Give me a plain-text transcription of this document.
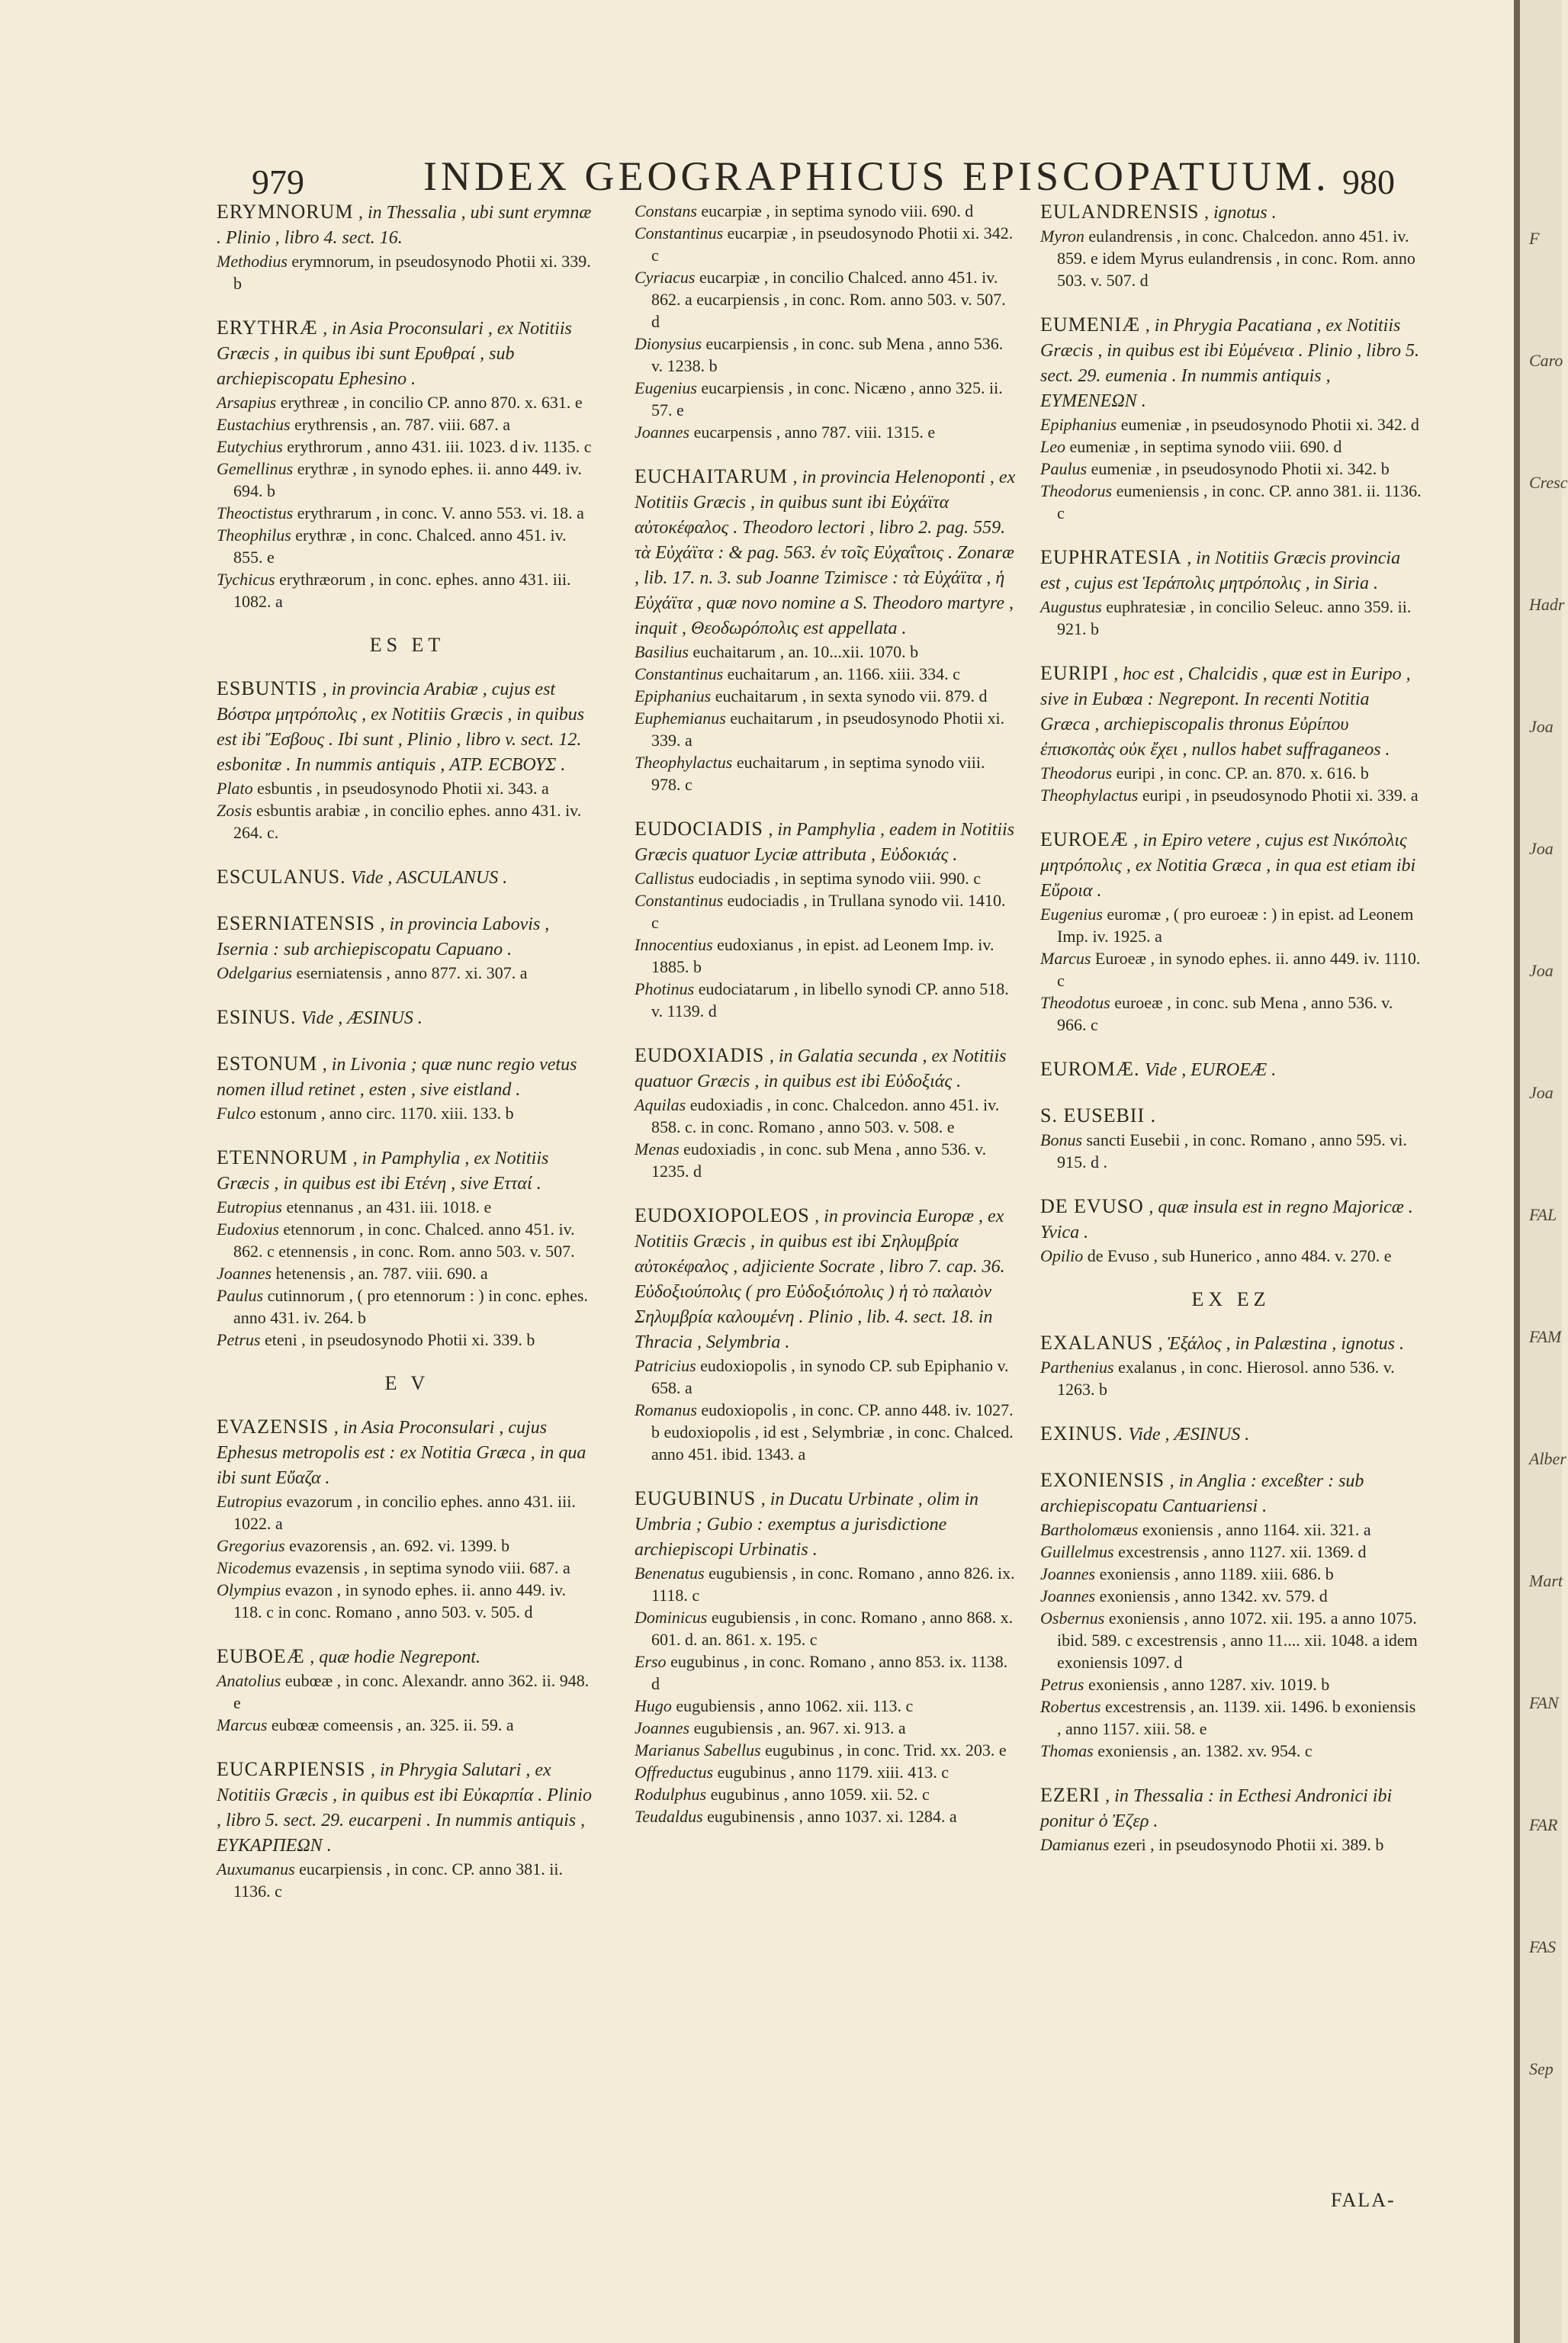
979	INDEX GEOGRAPHICUS EPISCOPATUUM. 980
ERYMNORUM , in Thessalia , ubi sunt erymnæ . Plinio , libro 4. sect. 16.

Methodius erymnorum, in pseudosynodo Photii xi. 339. b

ERYTHRÆ , in Asia Proconsulari , ex Notitiis Græcis , in quibus ibi sunt Ερυθραί , sub archiepiscopatu Ephesino .

Arsapius erythreæ , in concilio CP. anno 870. x. 631. e

Eustachius erythrensis , an. 787. viii. 687. a

Eutychius erythrorum , anno 431. iii. 1023. d iv. 1135. c

Gemellinus erythræ , in synodo ephes. ii. anno 449. iv. 694. b

Theoctistus erythrarum , in conc. V. anno 553. vi. 18. a

Theophilus erythræ , in conc. Chalced. anno 451. iv. 855. e

Tychicus erythræorum , in conc. ephes. anno 431. iii. 1082. a

ES ET
ESBUNTIS , in provincia Arabiæ , cujus est Βόστρα μητρόπολις , ex Notitiis Græcis , in quibus est ibi Ἔσβους . Ibi sunt , Plinio , libro v. sect. 12. esbonitæ . In nummis antiquis , ΑΤΡ. ΕСΒΟΥΣ .

Plato esbuntis , in pseudosynodo Photii xi. 343. a

Zosis esbuntis arabiæ , in concilio ephes. anno 431. iv. 264. c.

ESCULANUS. Vide , ASCULANUS .
ESERNIATENSIS , in provincia Labovis , Isernia : sub archiepiscopatu Capuano .

Odelgarius eserniatensis , anno 877. xi. 307. a

ESINUS. Vide , ÆSINUS .
ESTONUM , in Livonia ; quæ nunc regio vetus nomen illud retinet , esten , sive eistland .

Fulco estonum , anno circ. 1170. xiii. 133. b

ETENNORUM , in Pamphylia , ex Notitiis Græcis , in quibus est ibi Ετένη , sive Ετταί .

Eutropius etennanus , an 431. iii. 1018. e

Eudoxius etennorum , in conc. Chalced. anno 451. iv. 862. c etennensis , in conc. Rom. anno 503. v. 507.

Joannes hetenensis , an. 787. viii. 690. a

Paulus cutinnorum , ( pro etennorum : ) in conc. ephes. anno 431. iv. 264. b

Petrus eteni , in pseudosynodo Photii xi. 339. b

E V
EVAZENSIS , in Asia Proconsulari , cujus Ephesus metropolis est : ex Notitia Græca , in qua ibi sunt Εὔαζα .

Eutropius evazorum , in concilio ephes. anno 431. iii. 1022. a

Gregorius evazorensis , an. 692. vi. 1399. b

Nicodemus evazensis , in septima synodo viii. 687. a

Olympius evazon , in synodo ephes. ii. anno 449. iv. 118. c in conc. Romano , anno 503. v. 505. d

EUBOEÆ , quæ hodie Negrepont.

Anatolius eubœæ , in conc. Alexandr. anno 362. ii. 948. e

Marcus eubœæ comeensis , an. 325. ii. 59. a

EUCARPIENSIS , in Phrygia Salutari , ex Notitiis Græcis , in quibus est ibi Εὐκαρπία . Plinio , libro 5. sect. 29. eucarpeni . In nummis antiquis , ΕΥΚΑΡΠΕΩΝ .

Auxumanus eucarpiensis , in conc. CP. anno 381. ii. 1136. c

Constans eucarpiæ , in septima synodo viii. 690. d

Constantinus eucarpiæ , in pseudosynodo Photii xi. 342. c

Cyriacus eucarpiæ , in concilio Chalced. anno 451. iv. 862. a eucarpiensis , in conc. Rom. anno 503. v. 507. d

Dionysius eucarpiensis , in conc. sub Mena , anno 536. v. 1238. b

Eugenius eucarpiensis , in conc. Nicæno , anno 325. ii. 57. e

Joannes eucarpensis , anno 787. viii. 1315. e

EUCHAITARUM , in provincia Helenoponti , ex Notitiis Græcis , in quibus sunt ibi Εὐχάϊτα αὐτοκέφαλος . Theodoro lectori , libro 2. pag. 559. τὰ Εὐχάϊτα : & pag. 563. ἐν τοῖς Εὐχαΐτοις . Zonaræ , lib. 17. n. 3. sub Joanne Tzimisce : τὰ Εὐχάϊτα , ἡ Εὐχάϊτα , quæ novo nomine a S. Theodoro martyre , inquit , Θεοδωρόπολις est appellata .

Basilius euchaitarum , an. 10...xii. 1070. b

Constantinus euchaitarum , an. 1166. xiii. 334. c

Epiphanius euchaitarum , in sexta synodo vii. 879. d

Euphemianus euchaitarum , in pseudosynodo Photii xi. 339. a

Theophylactus euchaitarum , in septima synodo viii. 978. c

EUDOCIADIS , in Pamphylia , eadem in Notitiis Græcis quatuor Lyciæ attributa , Εὐδοκιάς .

Callistus eudociadis , in septima synodo viii. 990. c

Constantinus eudociadis , in Trullana synodo vii. 1410. c

Innocentius eudoxianus , in epist. ad Leonem Imp. iv. 1885. b

Photinus eudociatarum , in libello synodi CP. anno 518. v. 1139. d

EUDOXIADIS , in Galatia secunda , ex Notitiis quatuor Græcis , in quibus est ibi Εὐδοξιάς .

Aquilas eudoxiadis , in conc. Chalcedon. anno 451. iv. 858. c. in conc. Romano , anno 503. v. 508. e

Menas eudoxiadis , in conc. sub Mena , anno 536. v. 1235. d

EUDOXIOPOLEOS , in provincia Europæ , ex Notitiis Græcis , in quibus est ibi Σηλυμβρία αὐτοκέφαλος , adjiciente Socrate , libro 7. cap. 36. Εὐδοξιούπολις ( pro Εὐδοξιόπολις ) ἡ τὸ παλαιὸν Σηλυμβρία καλουμένη . Plinio , lib. 4. sect. 18. in Thracia , Selymbria .

Patricius eudoxiopolis , in synodo CP. sub Epiphanio v. 658. a

Romanus eudoxiopolis , in conc. CP. anno 448. iv. 1027. b eudoxiopolis , id est , Selymbriæ , in conc. Chalced. anno 451. ibid. 1343. a

EUGUBINUS , in Ducatu Urbinate , olim in Umbria ; Gubio : exemptus a jurisdictione archiepiscopi Urbinatis .

Benenatus eugubiensis , in conc. Romano , anno 826. ix. 1118. c

Dominicus eugubiensis , in conc. Romano , anno 868. x. 601. d. an. 861. x. 195. c

Erso eugubinus , in conc. Romano , anno 853. ix. 1138. d

Hugo eugubiensis , anno 1062. xii. 113. c

Joannes eugubiensis , an. 967. xi. 913. a

Marianus Sabellus eugubinus , in conc. Trid. xx. 203. e

Offreductus eugubinus , anno 1179. xiii. 413. c

Rodulphus eugubinus , anno 1059. xii. 52. c

Teudaldus eugubinensis , anno 1037. xi. 1284. a

EULANDRENSIS , ignotus .

Myron eulandrensis , in conc. Chalcedon. anno 451. iv. 859. e idem Myrus eulandrensis , in conc. Rom. anno 503. v. 507. d

EUMENIÆ , in Phrygia Pacatiana , ex Notitiis Græcis , in quibus est ibi Εὐμένεια . Plinio , libro 5. sect. 29. eumenia . In nummis antiquis , ΕΥΜΕΝΕΩΝ .

Epiphanius eumeniæ , in pseudosynodo Photii xi. 342. d

Leo eumeniæ , in septima synodo viii. 690. d

Paulus eumeniæ , in pseudosynodo Photii xi. 342. b

Theodorus eumeniensis , in conc. CP. anno 381. ii. 1136. c

EUPHRATESIA , in Notitiis Græcis provincia est , cujus est Ἱεράπολις μητρόπολις , in Siria .

Augustus euphratesiæ , in concilio Seleuc. anno 359. ii. 921. b

EURIPI , hoc est , Chalcidis , quæ est in Euripo , sive in Eubœa : Negrepont. In recenti Notitia Græca , archiepiscopalis thronus Εὐρίπου ἐπισκοπὰς οὐκ ἔχει , nullos habet suffraganeos .

Theodorus euripi , in conc. CP. an. 870. x. 616. b

Theophylactus euripi , in pseudosynodo Photii xi. 339. a

EUROEÆ , in Epiro vetere , cujus est Νικόπολις μητρόπολις , ex Notitia Græca , in qua est etiam ibi Εὔροια .

Eugenius euromæ , ( pro euroeæ : ) in epist. ad Leonem Imp. iv. 1925. a

Marcus Euroeæ , in synodo ephes. ii. anno 449. iv. 1110. c

Theodotus euroeæ , in conc. sub Mena , anno 536. v. 966. c

EUROMÆ. Vide , EUROEÆ .
S. EUSEBII .

Bonus sancti Eusebii , in conc. Romano , anno 595. vi. 915. d .

DE EVUSO , quæ insula est in regno Majoricæ . Yvica .

Opilio de Evuso , sub Hunerico , anno 484. v. 270. e

EX EZ
EXALANUS , Ἐξάλος , in Palæstina , ignotus .

Parthenius exalanus , in conc. Hierosol. anno 536. v. 1263. b

EXINUS. Vide , ÆSINUS .
EXONIENSIS , in Anglia : exceßter : sub archiepiscopatu Cantuariensi .

Bartholomæus exoniensis , anno 1164. xii. 321. a

Guillelmus excestrensis , anno 1127. xii. 1369. d

Joannes exoniensis , anno 1189. xiii. 686. b

Joannes exoniensis , anno 1342. xv. 579. d

Osbernus exoniensis , anno 1072. xii. 195. a anno 1075. ibid. 589. c excestrensis , anno 11.... xii. 1048. a idem exoniensis 1097. d

Petrus exoniensis , anno 1287. xiv. 1019. b

Robertus excestrensis , an. 1139. xii. 1496. b exoniensis , anno 1157. xiii. 58. e

Thomas exoniensis , an. 1382. xv. 954. c

EZERI , in Thessalia : in Ecthesi Andronici ibi ponitur ὁ Ἐζερ .

Damianus ezeri , in pseudosynodo Photii xi. 389. b

FALA-
F
Caro
Cresc
Hadr
Joa
Joa
Joa
Joa
FAL
FAM
Alber
Mart
FAN
FAR
FAS
Sep
